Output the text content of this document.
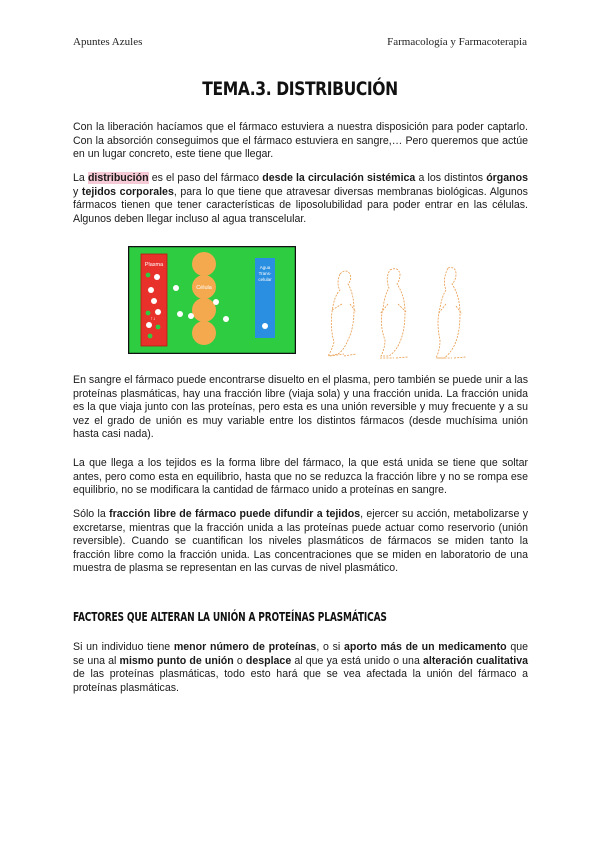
Apuntes Azules	Farmacología y Farmacoterapia
TEMA.3. DISTRIBUCIÓN
Con la liberación hacíamos que el fármaco estuviera a nuestra disposición para poder captarlo. Con la absorción conseguimos que el fármaco estuviera en sangre,… Pero queremos que actúe en un lugar concreto, este tiene que llegar.
La distribución es el paso del fármaco desde la circulación sistémica a los distintos órganos y tejidos corporales, para lo que tiene que atravesar diversas membranas biológicas. Algunos fármacos tienen que tener características de liposolubilidad para poder entrar en las células. Algunos deben llegar incluso al agua transcelular.
Plasma
↑↓
Célula
Agua
Trans-
celular
En sangre el fármaco puede encontrarse disuelto en el plasma, pero también se puede unir a las proteínas plasmáticas, hay una fracción libre (viaja sola) y una fracción unida. La fracción unida es la que viaja junto con las proteínas, pero esta es una unión reversible y muy frecuente y a su vez el grado de unión es muy variable entre los distintos fármacos (desde muchísima unión hasta casi nada).
La que llega a los tejidos es la forma libre del fármaco, la que está unida se tiene que soltar antes, pero como esta en equilibrio, hasta que no se reduzca la fracción libre y no se rompa ese equilibrio, no se modificara la cantidad de fármaco unido a proteínas en sangre.
Sólo la fracción libre de fármaco puede difundir a tejidos, ejercer su acción, metabolizarse y excretarse, mientras que la fracción unida a las proteínas puede actuar como reservorio (unión reversible). Cuando se cuantifican los niveles plasmáticos de fármacos se miden tanto la fracción libre como la fracción unida. Las concentraciones que se miden en laboratorio de una muestra de plasma se representan en las curvas de nivel plasmático.
FACTORES QUE ALTERAN LA UNIÓN A PROTEÍNAS PLASMÁTICAS
Si un individuo tiene menor número de proteínas, o si aporto más de un medicamento que se una al mismo punto de unión o desplace al que ya está unido o una alteración cualitativa de las proteínas plasmáticas, todo esto hará que se vea afectada la unión del fármaco a proteínas plasmáticas.
